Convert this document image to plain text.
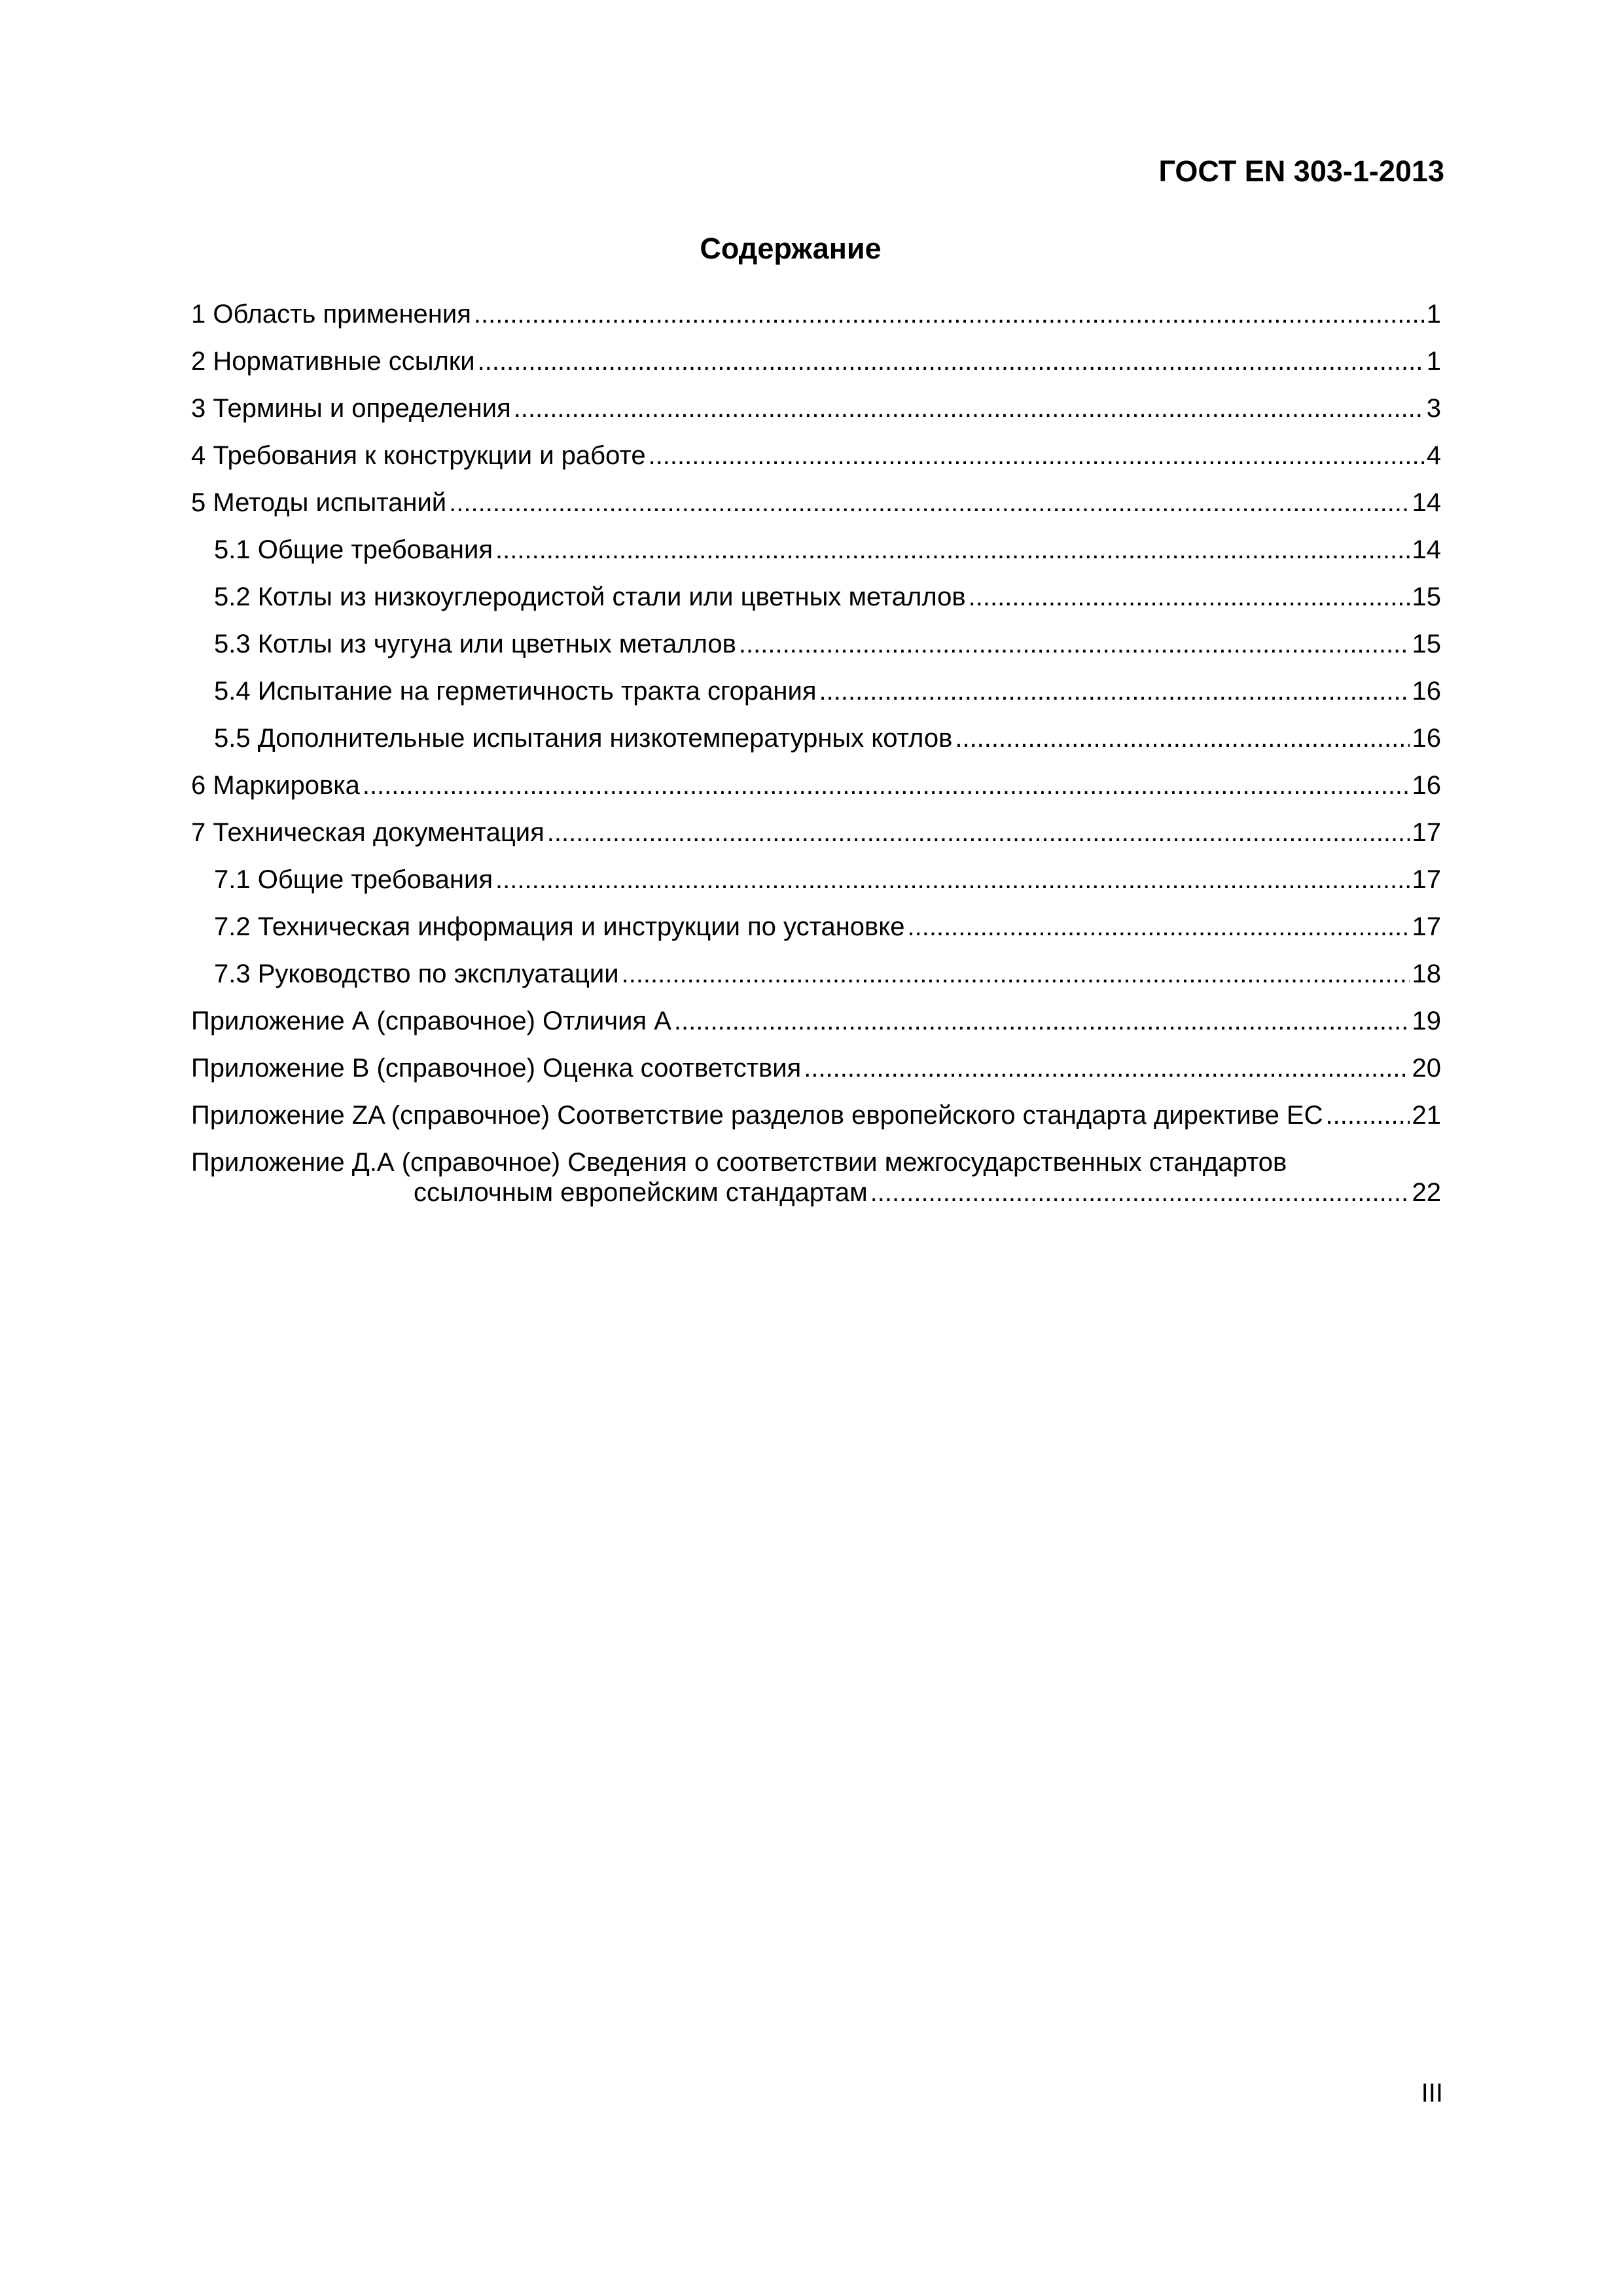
ГОСТ EN 303-1-2013
Содержание
1 Область применения .....	1
2 Нормативные ссылки .....	1
3 Термины и определения .....	3
4 Требования к конструкции и работе .....	4
5 Методы испытаний .....	14
5.1 Общие требования .....	14
5.2 Котлы из низкоуглеродистой стали или цветных металлов .....	15
5.3 Котлы из чугуна или цветных металлов .....	15
5.4 Испытание на герметичность тракта сгорания .....	16
5.5 Дополнительные испытания низкотемпературных котлов .....	16
6 Маркировка .....	16
7 Техническая документация .....	17
7.1 Общие требования .....	17
7.2 Техническая информация и инструкции по установке .....	17
7.3 Руководство по эксплуатации .....	18
Приложение А (справочное) Отличия А .....	19
Приложение В (справочное) Оценка соответствия .....	20
Приложение ZA (справочное) Соответствие разделов европейского стандарта директиве ЕС .....	21
Приложение Д.А (справочное) Сведения о соответствии межгосударственных стандартов
ссылочным европейским стандартам .....	22
III
